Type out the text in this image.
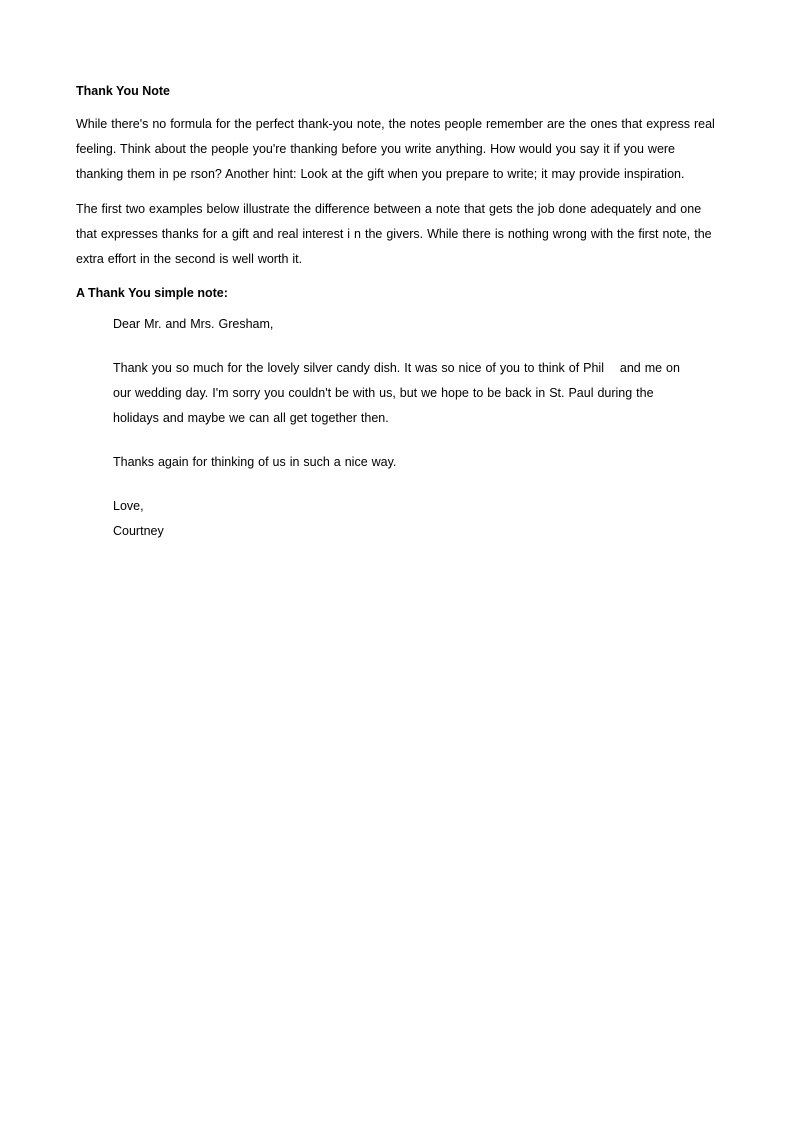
Thank You Note

While there's no formula for the perfect thank-you note, the notes people remember are the ones that express real feeling. Think about the people you're thanking before you write anything. How would you say it if you were thanking them in pe rson? Another hint: Look at the gift when you prepare to write; it may provide inspiration.

The first two examples below illustrate the difference between a note that gets the job done adequately and one that expresses thanks for a gift and real interest i n the givers. While there is nothing wrong with the first note, the extra effort in the second is well worth it.

A Thank You simple note:

Dear Mr. and Mrs. Gresham,

Thank you so much for the lovely silver candy dish. It was so nice of you to think of Phil    and me on our wedding day. I'm sorry you couldn't be with us, but we hope to be back in St. Paul during the holidays and maybe we can all get together then.

Thanks again for thinking of us in such a nice way.

Love,

Courtney
